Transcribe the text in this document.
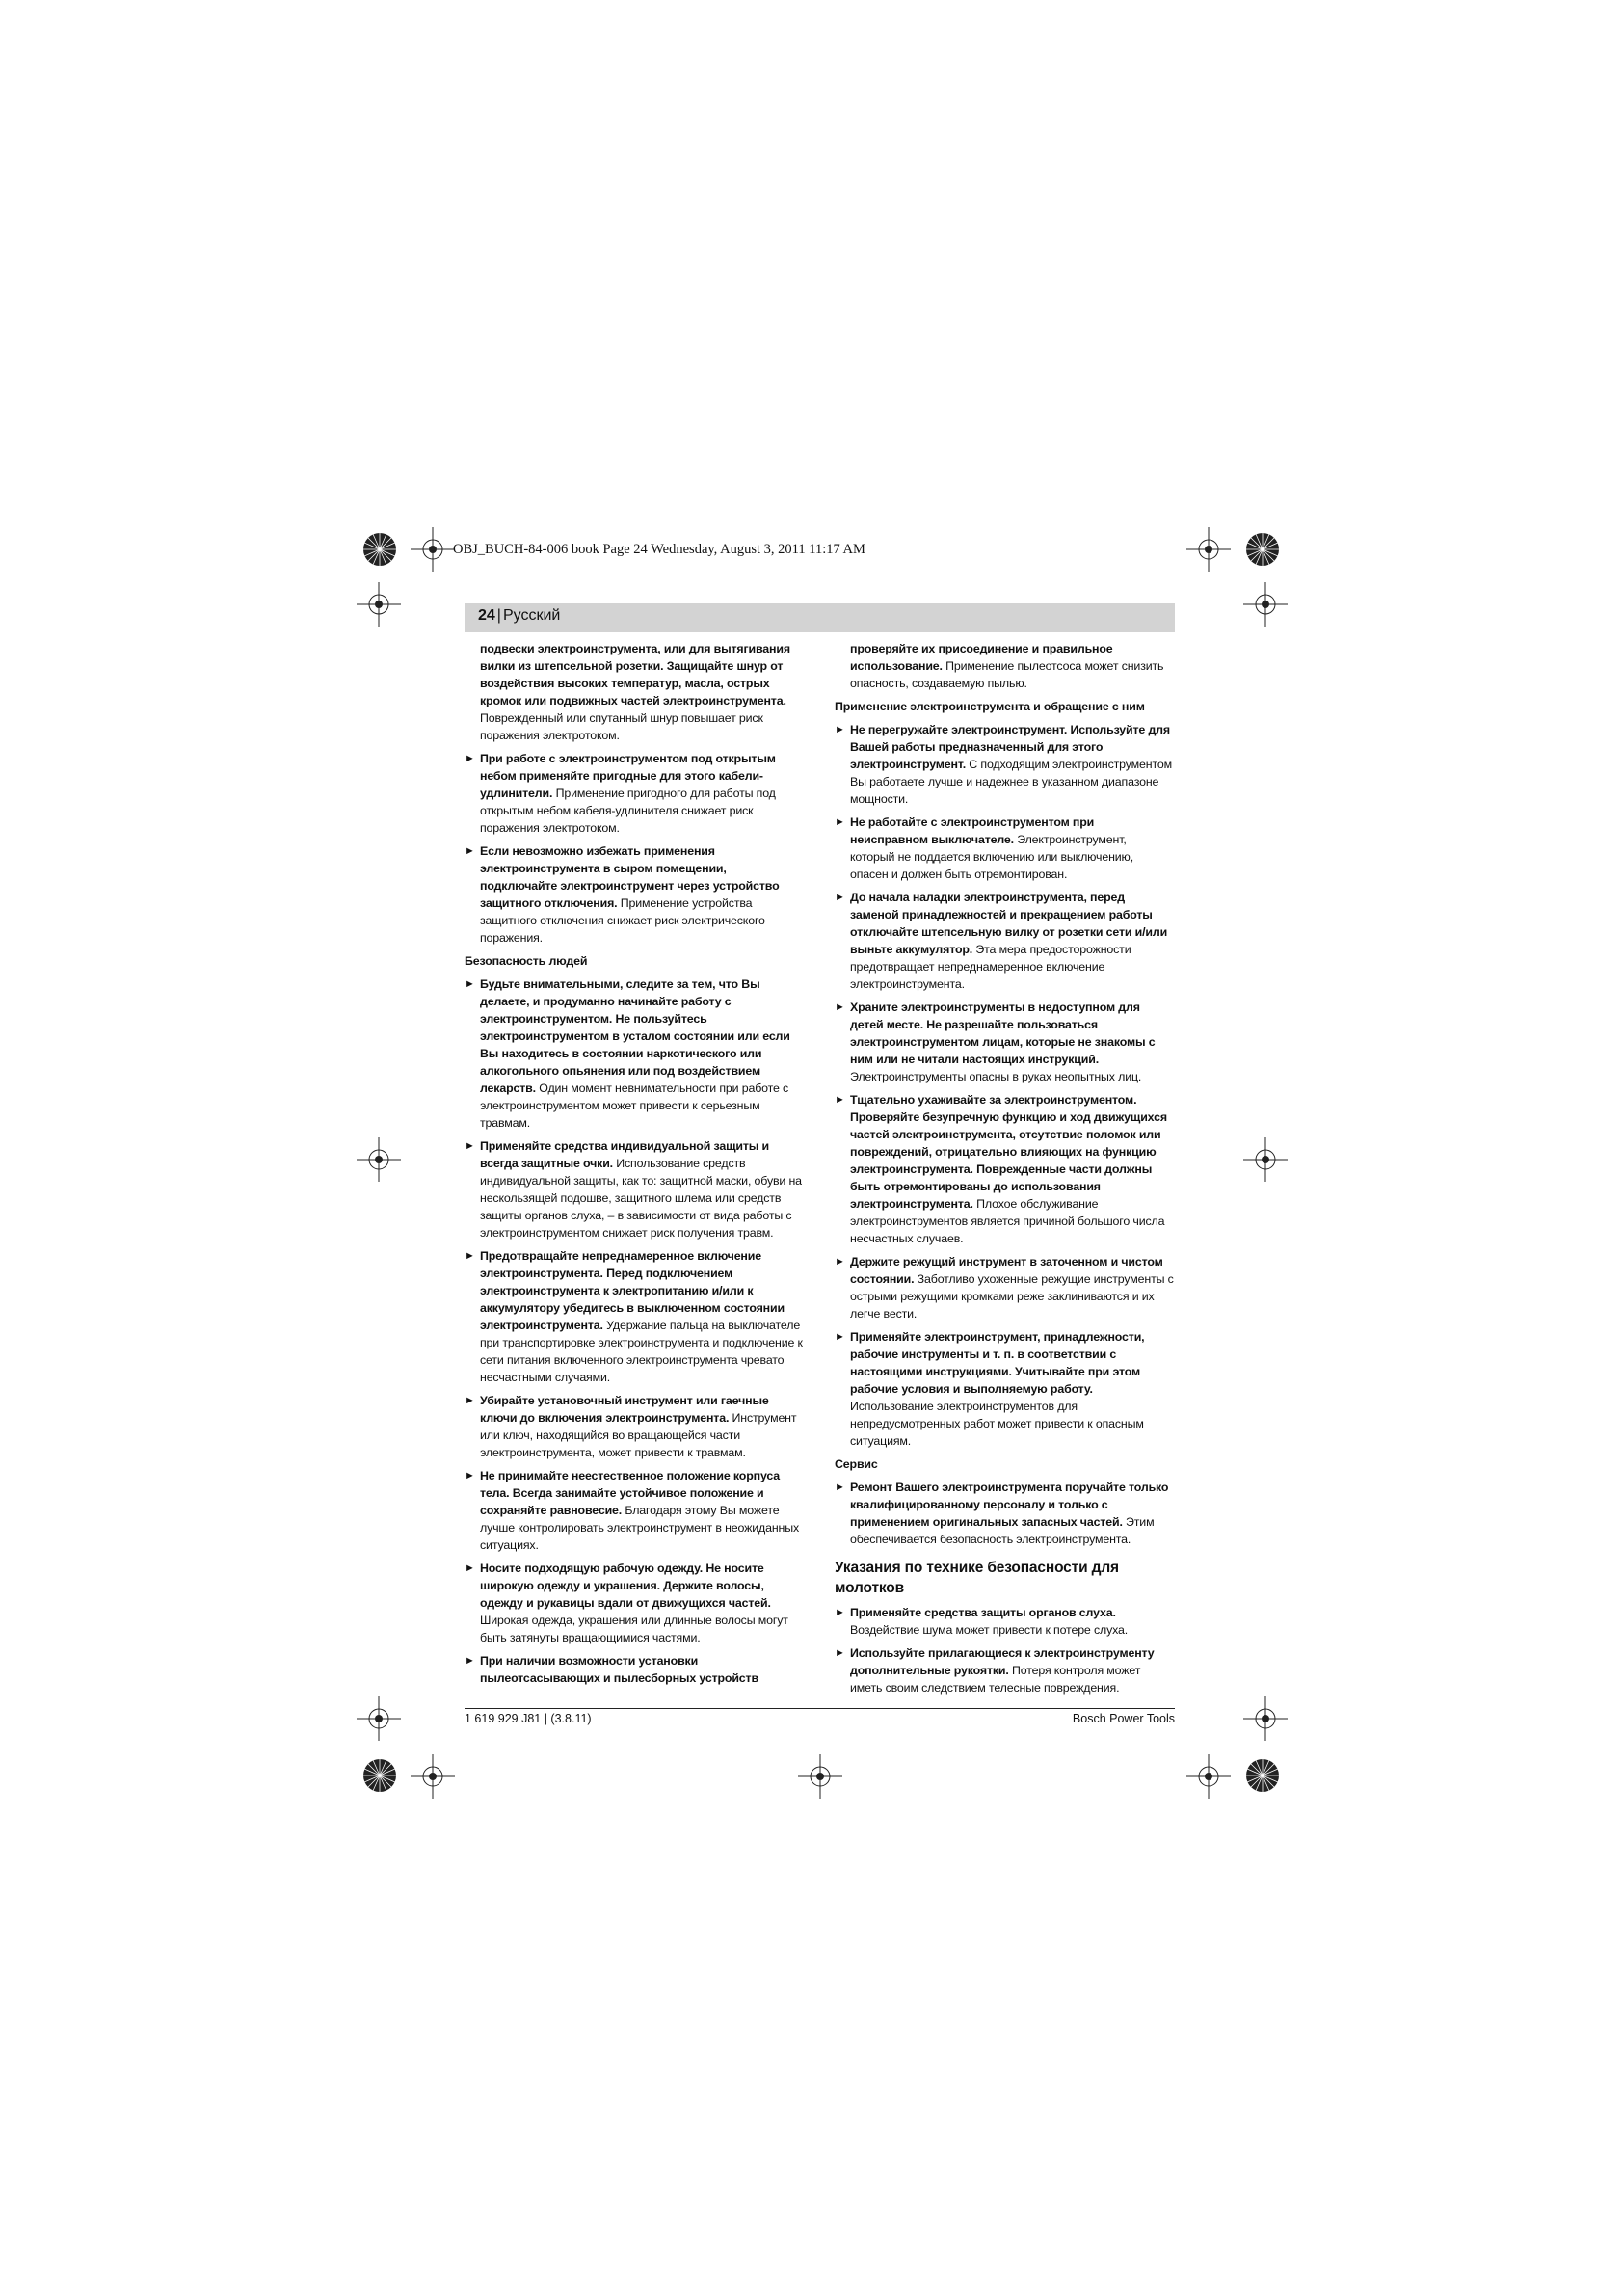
OBJ_BUCH-84-006 book Page 24 Wednesday, August 3, 2011 11:17 AM
24 | Русский

подвески электроинструмента, или для вытягивания вилки из штепсельной розетки. Защищайте шнур от воздействия высоких температур, масла, острых кромок или подвижных частей электроинструмента. Поврежденный или спутанный шнур повышает риск поражения электротоком.

► При работе с электроинструментом под открытым небом применяйте пригодные для этого кабели-удлинители. Применение пригодного для работы под открытым небом кабеля-удлинителя снижает риск поражения электротоком.

► Если невозможно избежать применения электроинструмента в сыром помещении, подключайте электроинструмент через устройство защитного отключения. Применение устройства защитного отключения снижает риск электрического поражения.

Безопасность людей
► Будьте внимательными, следите за тем, что Вы делаете, и продуманно начинайте работу с электроинструментом. Не пользуйтесь электроинструментом в усталом состоянии или если Вы находитесь в состоянии наркотического или алкогольного опьянения или под воздействием лекарств. Один момент невнимательности при работе с электроинструментом может привести к серьезным травмам.

► Применяйте средства индивидуальной защиты и всегда защитные очки. Использование средств индивидуальной защиты, как то: защитной маски, обуви на нескользящей подошве, защитного шлема или средств защиты органов слуха, – в зависимости от вида работы с электроинструментом снижает риск получения травм.

► Предотвращайте непреднамеренное включение электроинструмента. Перед подключением электроинструмента к электропитанию и/или к аккумулятору убедитесь в выключенном состоянии электроинструмента. Удержание пальца на выключателе при транспортировке электроинструмента и подключение к сети питания включенного электроинструмента чревато несчастными случаями.

► Убирайте установочный инструмент или гаечные ключи до включения электроинструмента. Инструмент или ключ, находящийся во вращающейся части электроинструмента, может привести к травмам.

► Не принимайте неестественное положение корпуса тела. Всегда занимайте устойчивое положение и сохраняйте равновесие. Благодаря этому Вы можете лучше контролировать электроинструмент в неожиданных ситуациях.

► Носите подходящую рабочую одежду. Не носите широкую одежду и украшения. Держите волосы, одежду и рукавицы вдали от движущихся частей. Широкая одежда, украшения или длинные волосы могут быть затянуты вращающимися частями.

► При наличии возможности установки пылеотсасывающих и пылесборных устройств

проверяйте их присоединение и правильное использование. Применение пылеотсоса может снизить опасность, создаваемую пылью.

Применение электроинструмента и обращение с ним
► Не перегружайте электроинструмент. Используйте для Вашей работы предназначенный для этого электроинструмент. С подходящим электроинструментом Вы работаете лучше и надежнее в указанном диапазоне мощности.

► Не работайте с электроинструментом при неисправном выключателе. Электроинструмент, который не поддается включению или выключению, опасен и должен быть отремонтирован.

► До начала наладки электроинструмента, перед заменой принадлежностей и прекращением работы отключайте штепсельную вилку от розетки сети и/или выньте аккумулятор. Эта мера предосторожности предотвращает непреднамеренное включение электроинструмента.

► Храните электроинструменты в недоступном для детей месте. Не разрешайте пользоваться электроинструментом лицам, которые не знакомы с ним или не читали настоящих инструкций. Электроинструменты опасны в руках неопытных лиц.

► Тщательно ухаживайте за электроинструментом. Проверяйте безупречную функцию и ход движущихся частей электроинструмента, отсутствие поломок или повреждений, отрицательно влияющих на функцию электроинструмента. Поврежденные части должны быть отремонтированы до использования электроинструмента. Плохое обслуживание электроинструментов является причиной большого числа несчастных случаев.

► Держите режущий инструмент в заточенном и чистом состоянии. Заботливо ухоженные режущие инструменты с острыми режущими кромками реже заклиниваются и их легче вести.

► Применяйте электроинструмент, принадлежности, рабочие инструменты и т. п. в соответствии с настоящими инструкциями. Учитывайте при этом рабочие условия и выполняемую работу. Использование электроинструментов для непредусмотренных работ может привести к опасным ситуациям.

Сервис
► Ремонт Вашего электроинструмента поручайте только квалифицированному персоналу и только с применением оригинальных запасных частей. Этим обеспечивается безопасность электроинструмента.

Указания по технике безопасности для молотков
► Применяйте средства защиты органов слуха. Воздействие шума может привести к потере слуха.

► Используйте прилагающиеся к электроинструменту дополнительные рукоятки. Потеря контроля может иметь своим следствием телесные повреждения.

1 619 929 J81 | (3.8.11)	Bosch Power Tools
